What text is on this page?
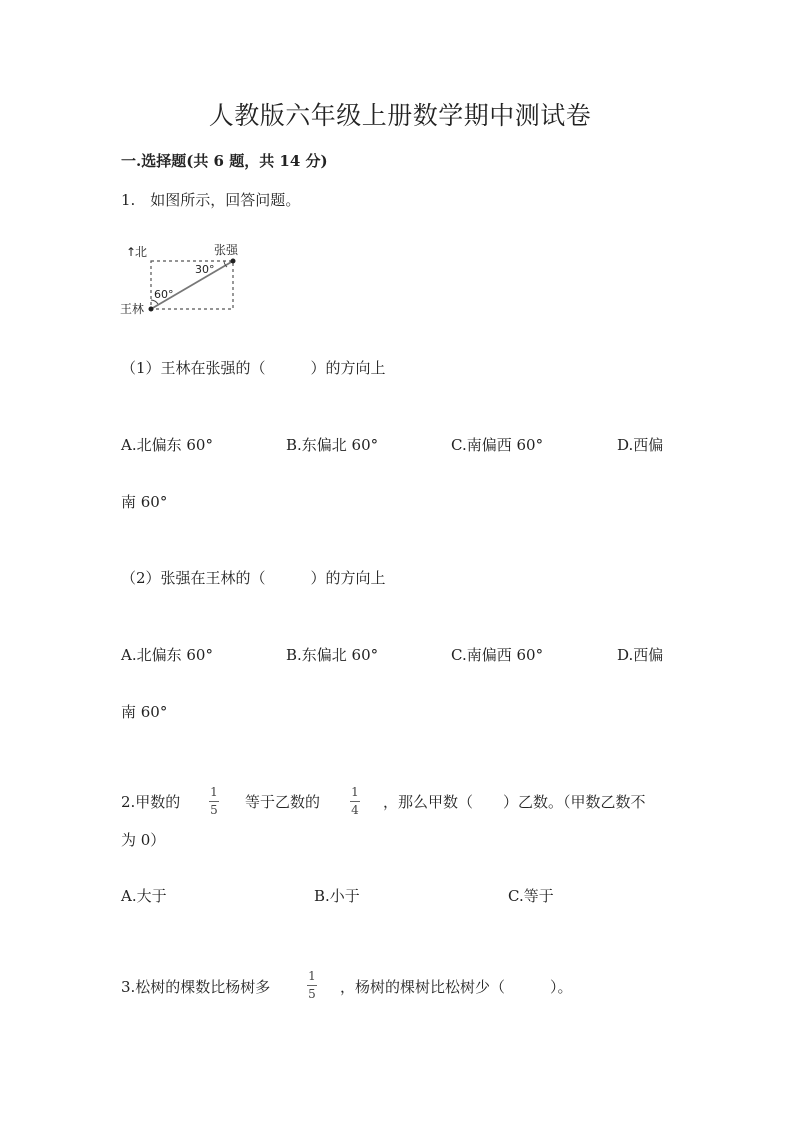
人教版六年级上册数学期中测试卷
一.选择题(共 6 题，共 14 分)
1.　如图所示，回答问题。
↑
北	张强
王林
30°
60°
（1）王林在张强的（　　　）的方向上
A.北偏东 60°	B.东偏北 60°	C.南偏西 60°	D.西偏
南 60°
（2）张强在王林的（　　　）的方向上
A.北偏东 60°	B.东偏北 60°	C.南偏西 60°	D.西偏
南 60°
2.甲数的
1
5 等于乙数的
1
4 ，那么甲数（　　）乙数。（甲数乙数不
为 0）
A.大于	B.小于	C.等于
3.松树的棵数比杨树多
1
5 ，杨树的棵树比松树少（　　　）。
